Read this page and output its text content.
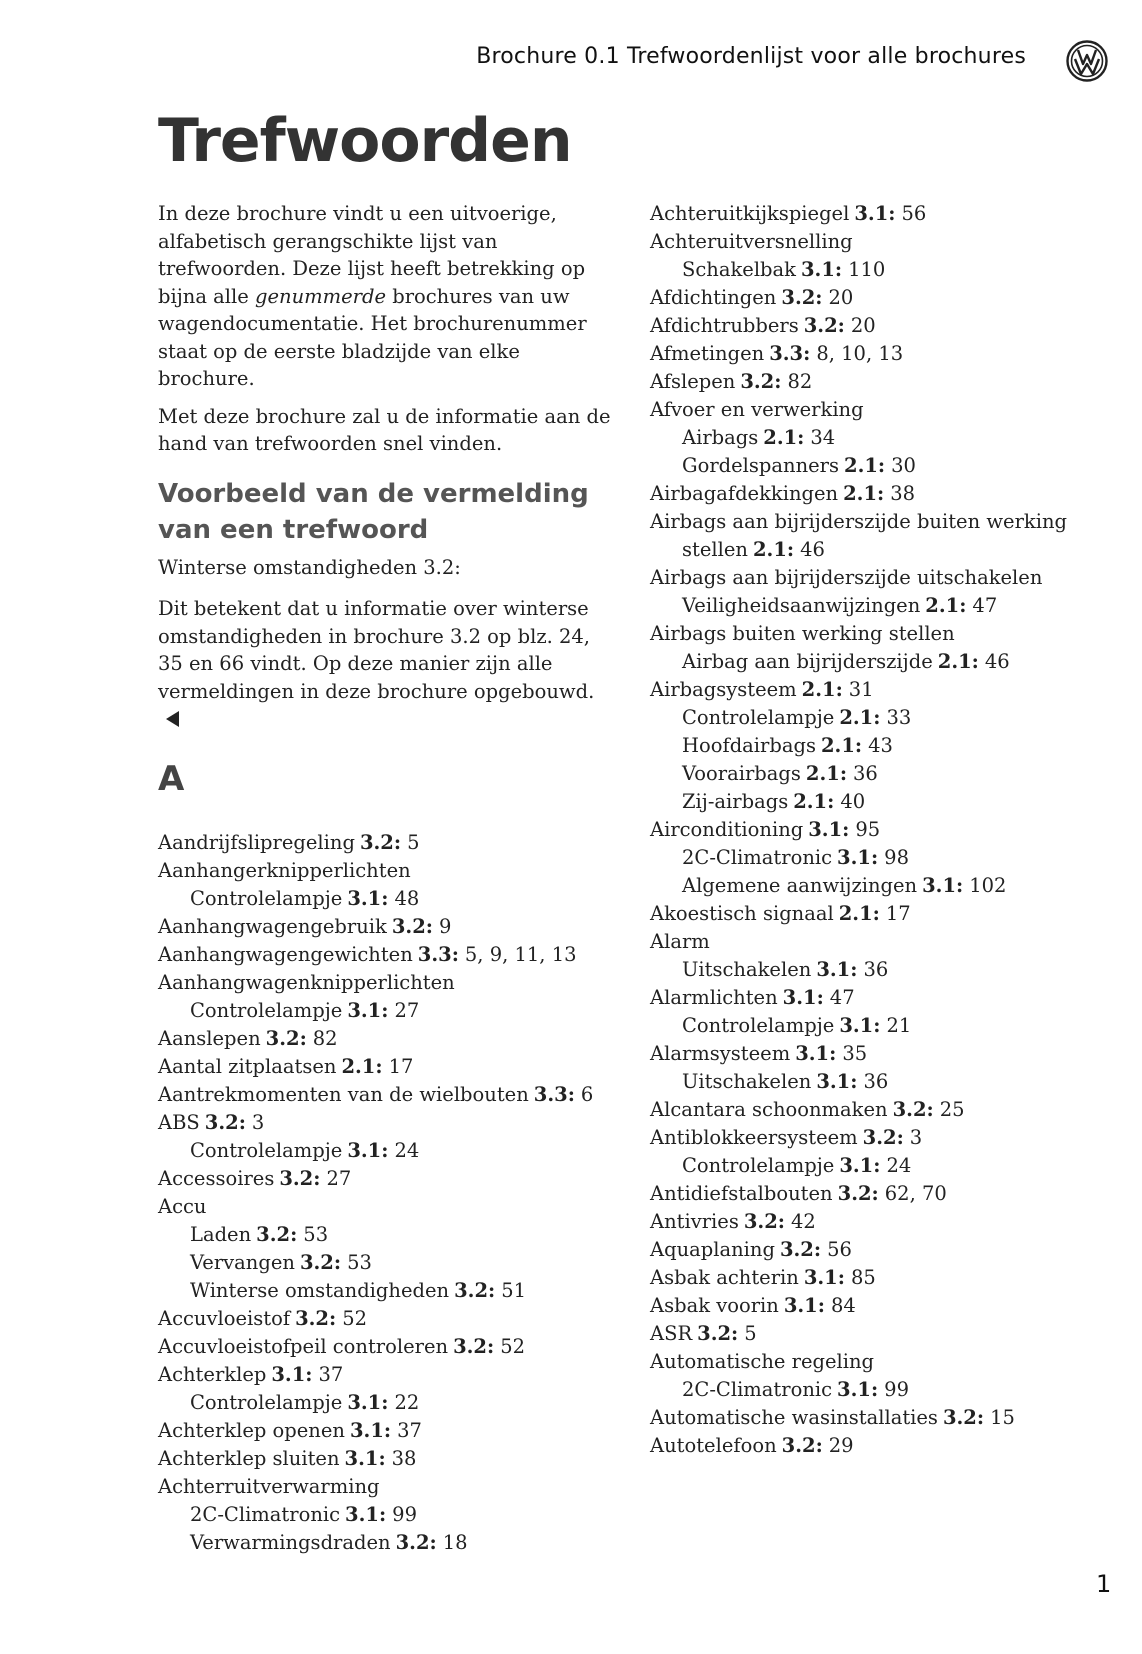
Brochure 0.1 Trefwoordenlijst voor alle brochures
Trefwoorden

In deze brochure vindt u een uitvoerige, alfabetisch gerangschikte lijst van trefwoorden. Deze lijst heeft betrekking op bijna alle genummerde brochures van uw wagendocumentatie. Het brochurenummer staat op de eerste bladzijde van elke brochure.

Met deze brochure zal u de informatie aan de hand van trefwoorden snel vinden.

Voorbeeld van de vermelding van een trefwoord
Winterse omstandigheden 3.2:

Dit betekent dat u informatie over winterse omstandigheden in brochure 3.2 op blz. 24, 35 en 66 vindt. Op deze manier zijn alle vermeldingen in deze brochure opgebouwd.

A
Aandrijfslipregeling 3.2: 5
Aanhangerknipperlichten
Controlelampje 3.1: 48
Aanhangwagengebruik 3.2: 9
Aanhangwagengewichten 3.3: 5, 9, 11, 13
Aanhangwagenknipperlichten
Controlelampje 3.1: 27
Aanslepen 3.2: 82
Aantal zitplaatsen 2.1: 17
Aantrekmomenten van de wielbouten 3.3: 6
ABS 3.2: 3
Controlelampje 3.1: 24
Accessoires 3.2: 27
Accu
Laden 3.2: 53
Vervangen 3.2: 53
Winterse omstandigheden 3.2: 51
Accuvloeistof 3.2: 52
Accuvloeistofpeil controleren 3.2: 52
Achterklep 3.1: 37
Controlelampje 3.1: 22
Achterklep openen 3.1: 37
Achterklep sluiten 3.1: 38
Achterruitverwarming
2C-Climatronic 3.1: 99
Verwarmingsdraden 3.2: 18
Achteruitkijkspiegel 3.1: 56
Achteruitversnelling
Schakelbak 3.1: 110
Afdichtingen 3.2: 20
Afdichtrubbers 3.2: 20
Afmetingen 3.3: 8, 10, 13
Afslepen 3.2: 82
Afvoer en verwerking
Airbags 2.1: 34
Gordelspanners 2.1: 30
Airbagafdekkingen 2.1: 38
Airbags aan bijrijderszijde buiten werking
stellen 2.1: 46
Airbags aan bijrijderszijde uitschakelen
Veiligheidsaanwijzingen 2.1: 47
Airbags buiten werking stellen
Airbag aan bijrijderszijde 2.1: 46
Airbagsysteem 2.1: 31
Controlelampje 2.1: 33
Hoofdairbags 2.1: 43
Voorairbags 2.1: 36
Zij-airbags 2.1: 40
Airconditioning 3.1: 95
2C-Climatronic 3.1: 98
Algemene aanwijzingen 3.1: 102
Akoestisch signaal 2.1: 17
Alarm
Uitschakelen 3.1: 36
Alarmlichten 3.1: 47
Controlelampje 3.1: 21
Alarmsysteem 3.1: 35
Uitschakelen 3.1: 36
Alcantara schoonmaken 3.2: 25
Antiblokkeersysteem 3.2: 3
Controlelampje 3.1: 24
Antidiefstalbouten 3.2: 62, 70
Antivries 3.2: 42
Aquaplaning 3.2: 56
Asbak achterin 3.1: 85
Asbak voorin 3.1: 84
ASR 3.2: 5
Automatische regeling
2C-Climatronic 3.1: 99
Automatische wasinstallaties 3.2: 15
Autotelefoon 3.2: 29
1
